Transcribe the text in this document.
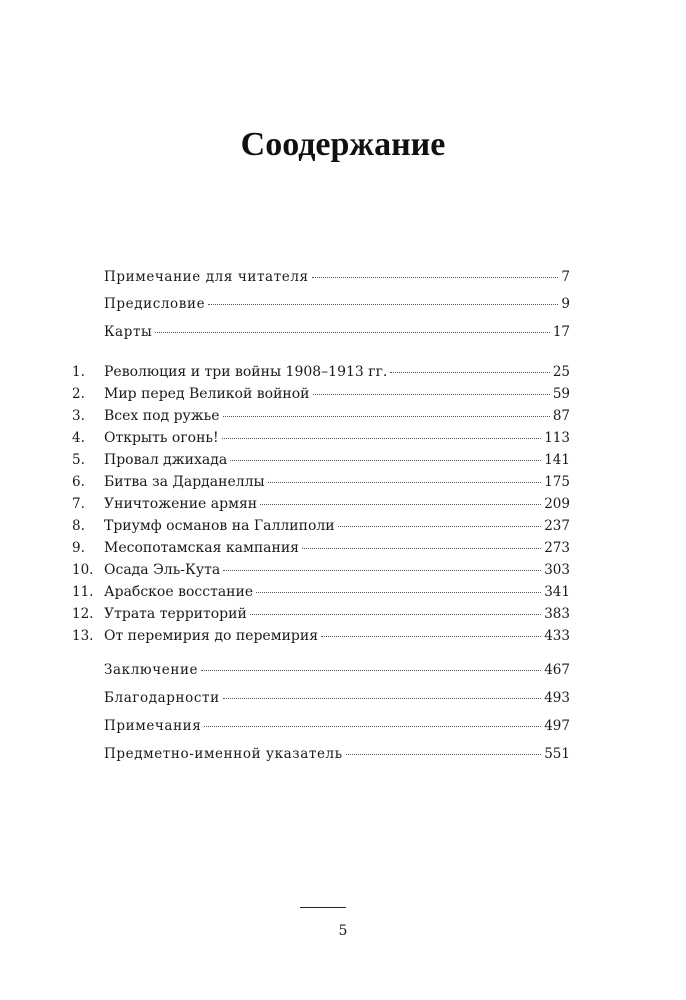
Соодержание
Примечание для читателя	7
Предисловие	9
Карты	17
1.	Революция и три войны 1908–1913 гг.	25
2.	Мир перед Великой войной	59
3.	Всех под ружье	87
4.	Открыть огонь!	113
5.	Провал джихада	141
6.	Битва за Дарданеллы	175
7.	Уничтожение армян	209
8.	Триумф османов на Галлиполи	237
9.	Месопотамская кампания	273
10. Осада Эль-Кута	303
11. Арабское восстание	341
12. Утрата территорий	383
13. От перемирия до перемирия	433
Заключение	467
Благодарности	493
Примечания	497
Предметно-именной указатель	551
5
